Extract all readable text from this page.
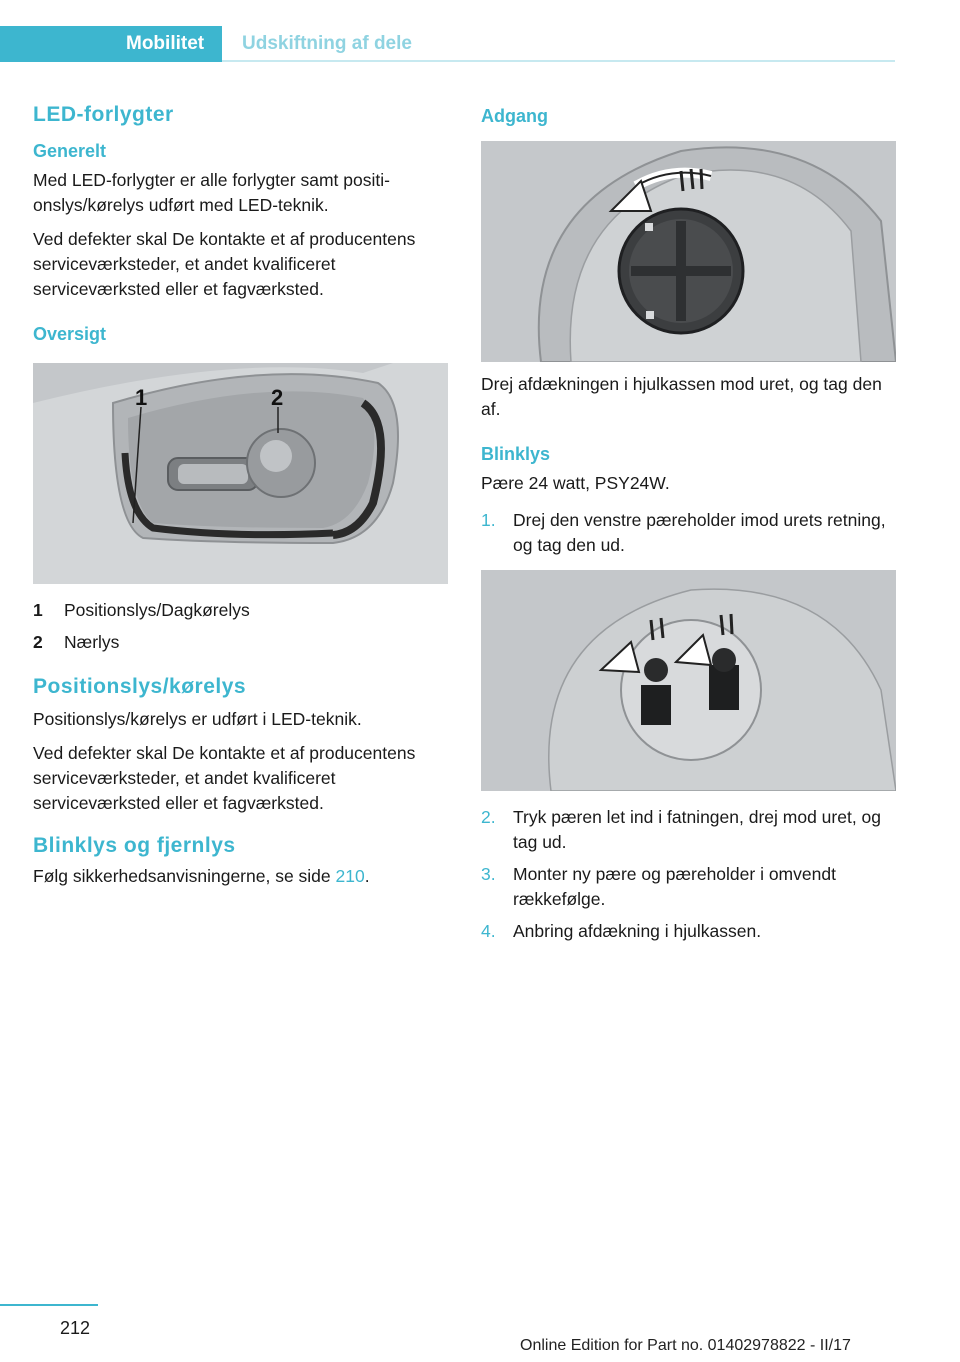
Mobilitet	Udskiftning af dele
LED-forlygter
Generelt

Med LED-forlygter er alle forlygter samt positionslys/kørelys udført med LED-teknik.

Ved defekter skal De kontakte et af producentens serviceværksteder, et andet kvalificeret serviceværksted eller et fagværksted.

Oversigt
1	2
1	Positionslys/Dagkørelys
2	Nærlys
Positionslys/kørelys

Positionslys/kørelys er udført i LED-teknik.

Ved defekter skal De kontakte et af producentens serviceværksteder, et andet kvalificeret serviceværksted eller et fagværksted.

Blinklys og fjernlys

Følg sikkerhedsanvisningerne, se side 210.

Adgang

Drej afdækningen i hjulkassen mod uret, og tag den af.

Blinklys

Pære 24 watt, PSY24W.

1. Drej den venstre pæreholder imod urets retning, og tag den ud.
2. Tryk pæren let ind i fatningen, drej mod uret, og tag ud.
3. Monter ny pære og pæreholder i omvendt rækkefølge.
4. Anbring afdækning i hjulkassen.
212
Online Edition for Part no. 01402978822 - II/17
